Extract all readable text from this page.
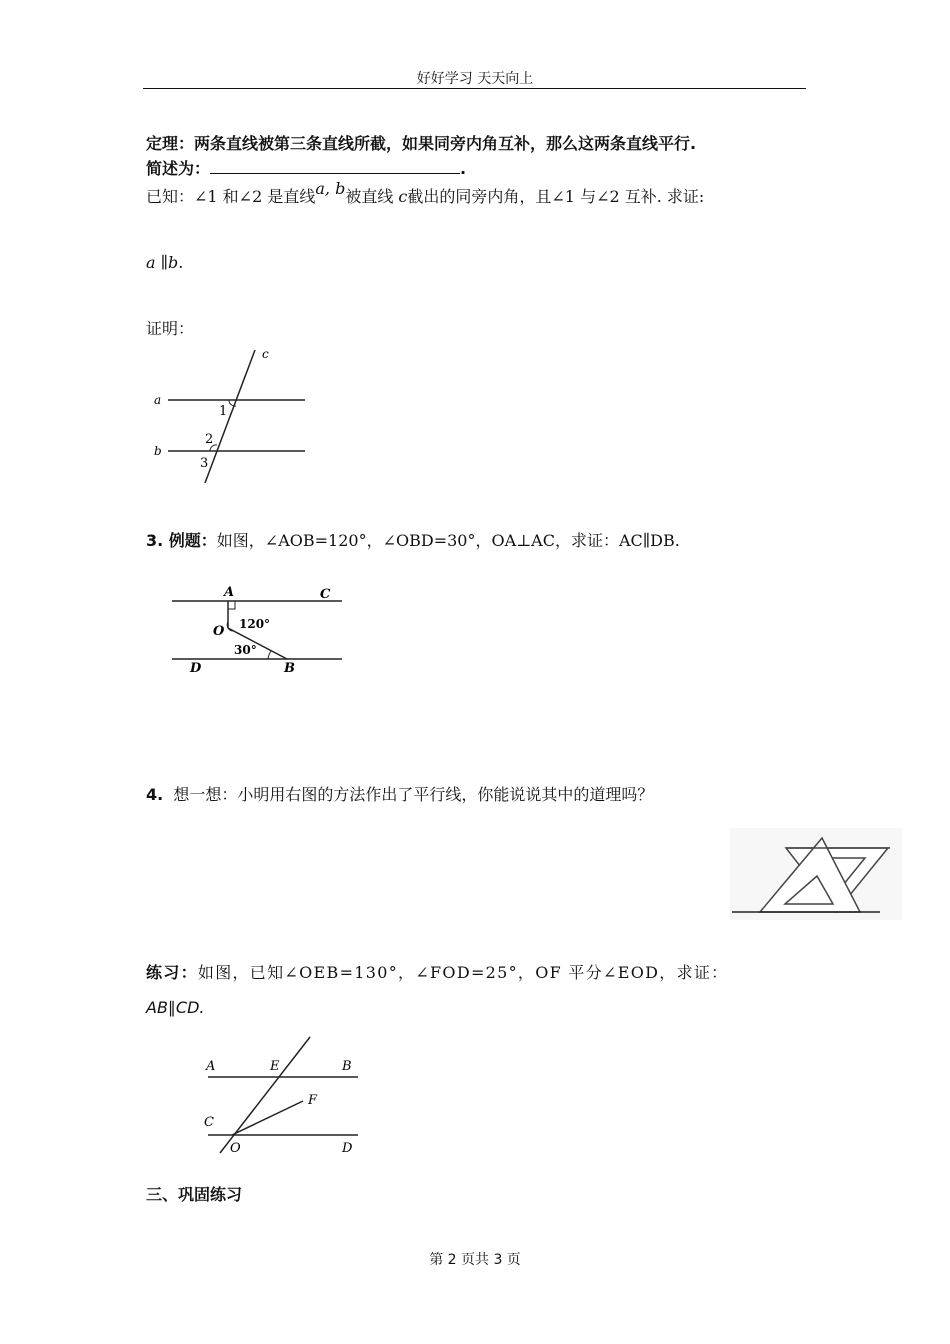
好好学习 天天向上
定理：两条直线被第三条直线所截，如果同旁内角互补，那么这两条直线平行.
简述为：	.
已知：∠1 和∠2 是直线a, b被直线 c截出的同旁内角，且∠1 与∠2 互补. 求证:
a ∥b.
证明：
a
b
c
1
2
3
3. 例题：如图，∠AOB=120°，∠OBD=30°，OA⊥AC，求证：AC∥DB.
A	C
O
D	B
120°
30°
4. 想一想：小明用右图的方法作出了平行线，你能说说其中的道理吗？
练习：如图，已知∠OEB=130°，∠FOD=25°，OF 平分∠EOD，求证：
AB∥CD.
A	E	B
F
C
O	D
三、巩固练习
第 2 页共 3 页
